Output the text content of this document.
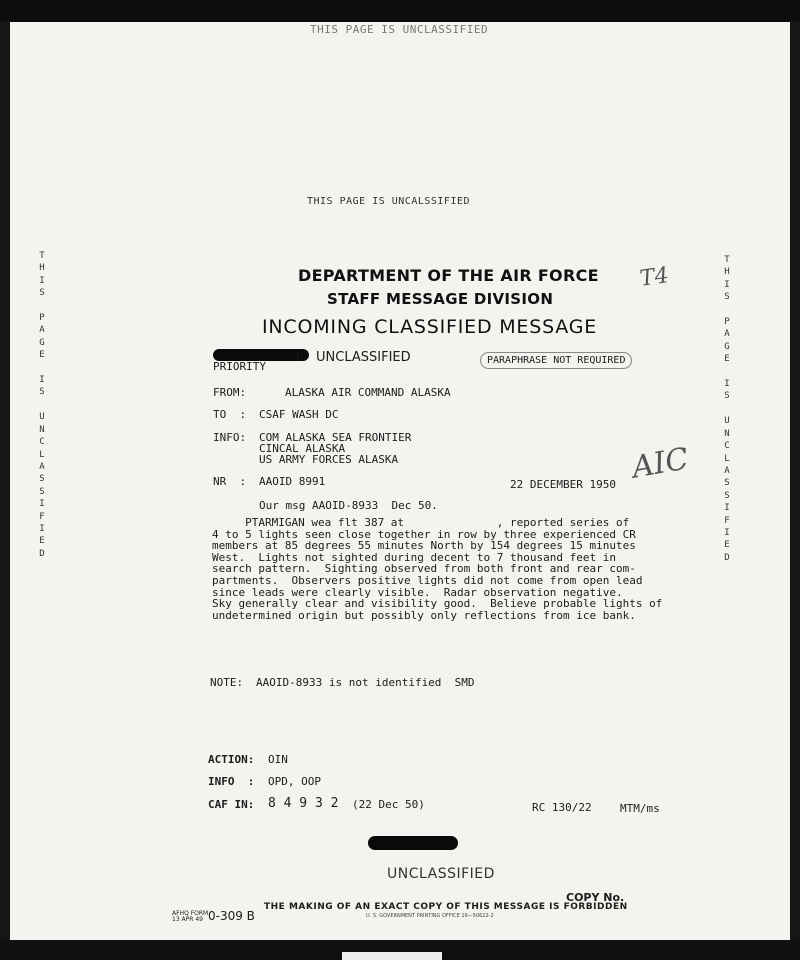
THIS PAGE IS UNCLASSIFIED
THIS PAGE IS UNCALSSIFIED
T
H
I
S

P
A
G
E

I
S

U
N
C
L
A
S
S
I
F
I
E
D
T
H
I
S

P
A
G
E

I
S

U
N
C
L
A
S
S
I
F
I
E
D
DEPARTMENT OF THE AIR FORCE
STAFF MESSAGE DIVISION
INCOMING CLASSIFIED MESSAGE
T4
AIC
L UNCLASSIFIED	PARAPHRASE NOT REQUIRED
PRIORITY
FROM:	ALASKA AIR COMMAND ALASKA
TO  : CSAF WASH DC
INFO: COM ALASKA SEA FRONTIER
CINCAL ALASKA
US ARMY FORCES ALASKA
NR  : AAOID 8991	22 DECEMBER 1950
Our msg AAOID-8933  Dec 50.
PTARMIGAN wea flt 387 at              , reported series of
4 to 5 lights seen close together in row by three experienced CR
members at 85 degrees 55 minutes North by 154 degrees 15 minutes
West.  Lights not sighted during decent to 7 thousand feet in
search pattern.  Sighting observed from both front and rear com-
partments.  Observers positive lights did not come from open lead
since leads were clearly visible.  Radar observation negative.
Sky generally clear and visibility good.  Believe probable lights of
undetermined origin but possibly only reflections from ice bank.
NOTE: AAOID-8933 is not identified  SMD
ACTION: OIN
INFO  : OPD, OOP
CAF IN: 8 4 9 3 2 (22 Dec 50)	RC 130/22	MTM/ms
UNCLASSIFIED
COPY No.
THE MAKING OF AN EXACT COPY OF THIS MESSAGE IS FORBIDDEN
U. S. GOVERNMENT PRINTING OFFICE 16—50622-2
AFHQ FORM
13 APR 49 0-309 B
